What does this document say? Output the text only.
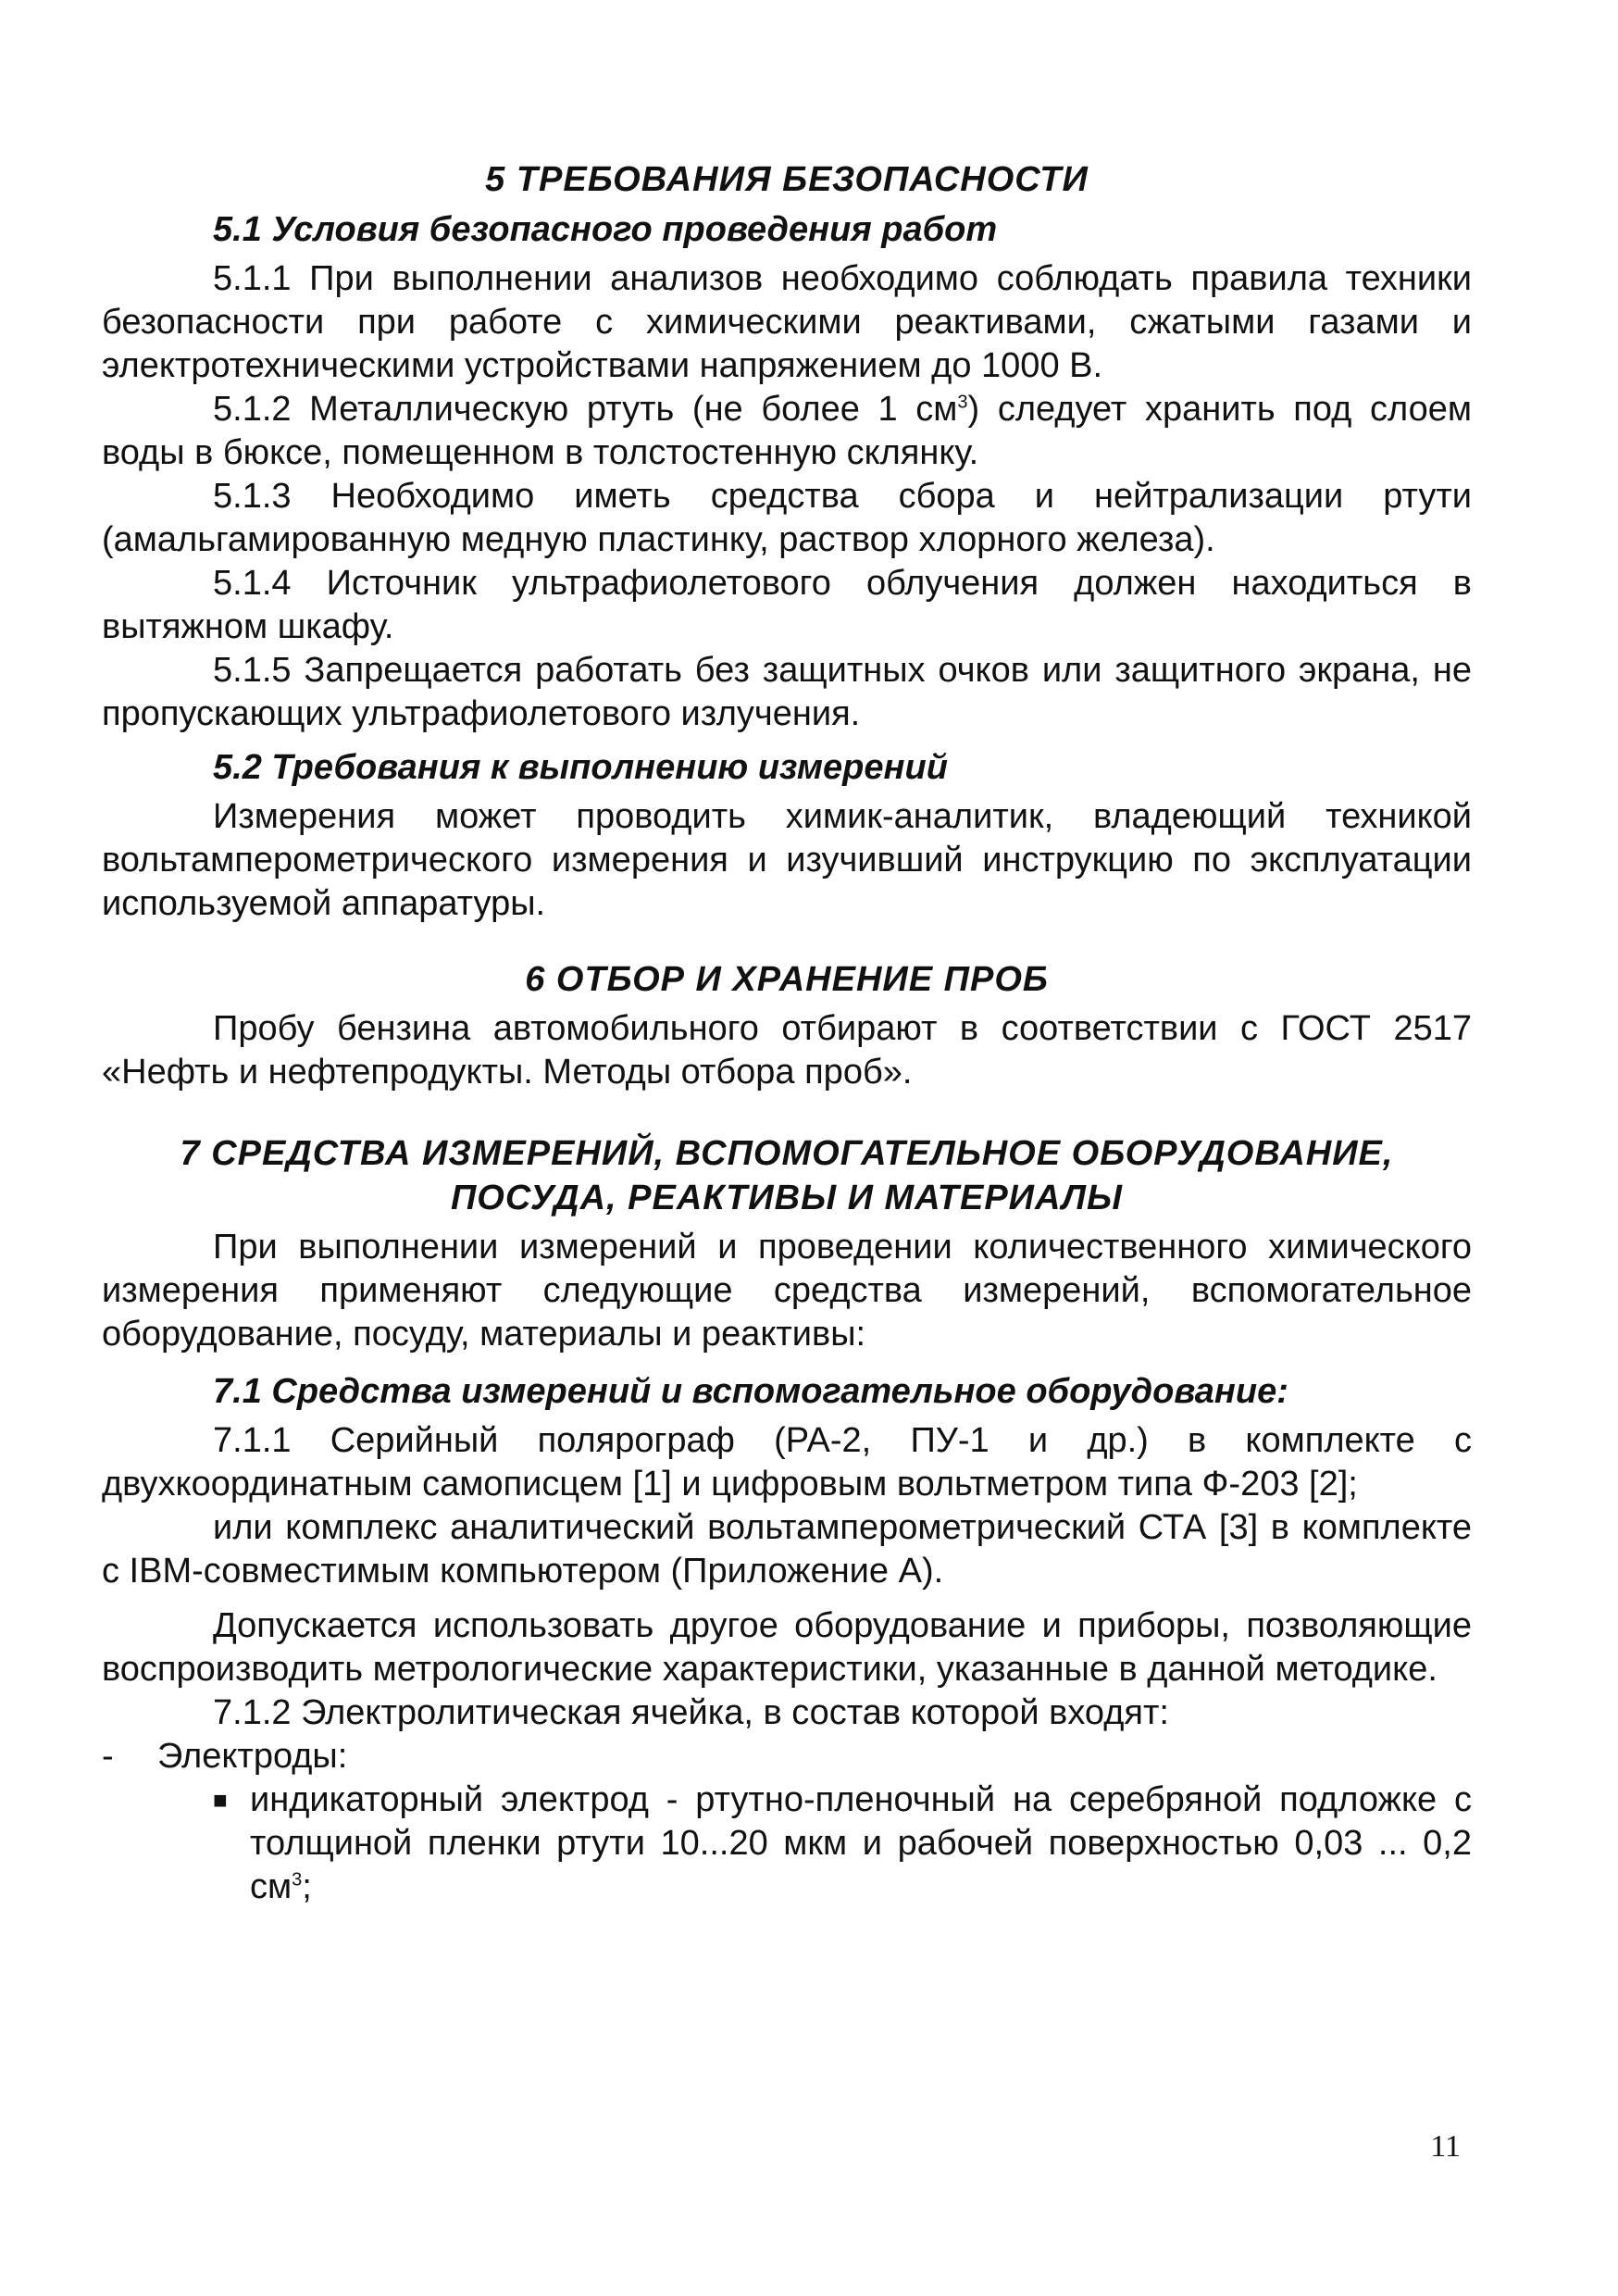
5 ТРЕБОВАНИЯ БЕЗОПАСНОСТИ
5.1 Условия безопасного проведения работ

5.1.1 При выполнении анализов необходимо соблюдать правила техники безопасности при работе с химическими реактивами, сжатыми газами и электротехническими устройствами напряжением до 1000 В.

5.1.2 Металлическую ртуть (не более 1 $см^3$) следует хранить под слоем воды в бюксе, помещенном в толстостенную склянку.

5.1.3 Необходимо иметь средства сбора и нейтрализации ртути (амальгамированную медную пластинку, раствор хлорного железа).

5.1.4 Источник ультрафиолетового облучения должен находиться в вытяжном шкафу.

5.1.5 Запрещается работать без защитных очков или защитного экрана, не пропускающих ультрафиолетового излучения.

5.2 Требования к выполнению измерений

Измерения может проводить химик-аналитик, владеющий техникой вольтамперометрического измерения и изучивший инструкцию по эксплуатации используемой аппаратуры.

6 ОТБОР И ХРАНЕНИЕ ПРОБ

Пробу бензина автомобильного отбирают в соответствии с ГОСТ 2517 «Нефть и нефтепродукты. Методы отбора проб».

7 СРЕДСТВА ИЗМЕРЕНИЙ, ВСПОМОГАТЕЛЬНОЕ ОБОРУДОВАНИЕ,
ПОСУДА, РЕАКТИВЫ И МАТЕРИАЛЫ

При выполнении измерений и проведении количественного химического измерения применяют следующие средства измерений, вспомогательное оборудование, посуду, материалы и реактивы:

7.1 Средства измерений и вспомогательное оборудование:

7.1.1 Серийный полярограф (РА-2, ПУ-1 и др.) в комплекте с двухкоординатным самописцем [1] и цифровым вольтметром типа Ф-203 [2];

или комплекс аналитический вольтамперометрический СТА [3] в комплекте с IBM-совместимым компьютером (Приложение А).

Допускается использовать другое оборудование и приборы, позволяющие воспроизводить метрологические характеристики, указанные в данной методике.

7.1.2 Электролитическая ячейка, в состав которой входят:

-	Электроды:
■ индикаторный электрод - ртутно-пленочный на серебряной подложке с толщиной пленки ртути 10...20 мкм и рабочей поверхностью 0,03 ... 0,2 $см^3$;
11
